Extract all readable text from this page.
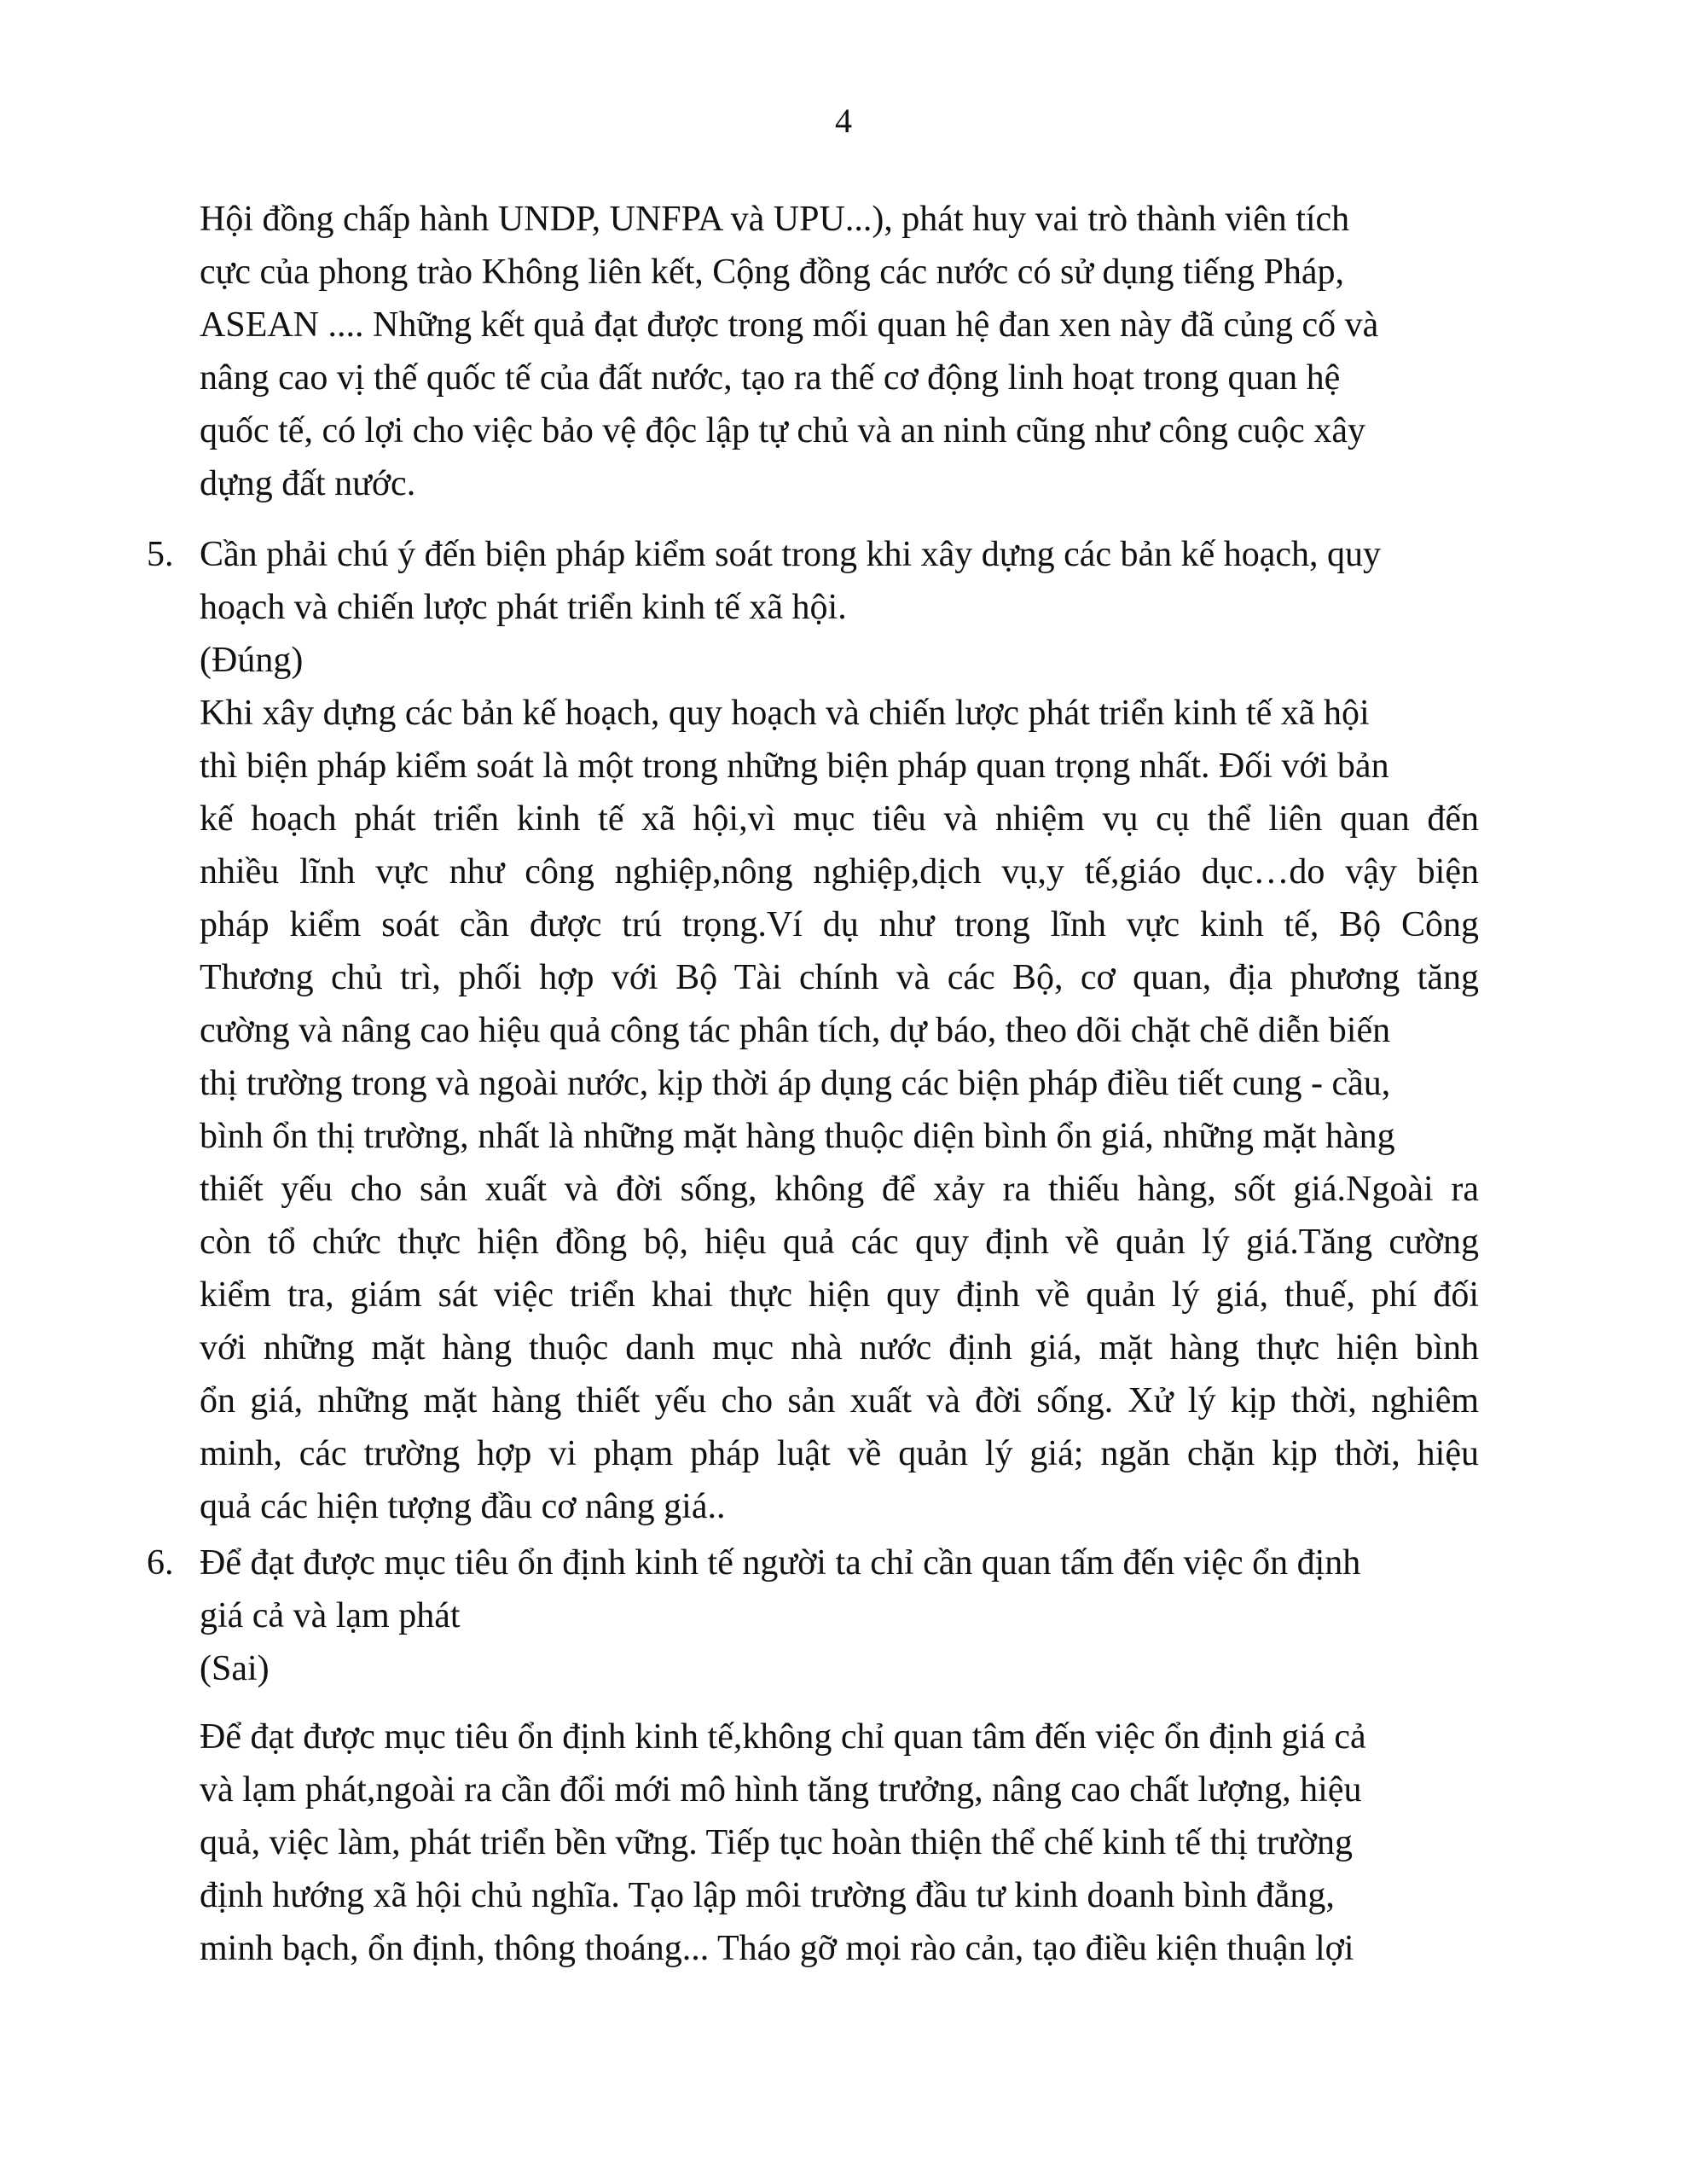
4
Hội đồng chấp hành UNDP, UNFPA và UPU...), phát huy vai trò thành viên tích
cực của phong trào Không liên kết, Cộng đồng các nước có sử dụng tiếng Pháp,
ASEAN .... Những kết quả đạt được trong mối quan hệ đan xen này đã củng cố và
nâng cao vị thế quốc tế của đất nước, tạo ra thế cơ động linh hoạt trong quan hệ
quốc tế, có lợi cho việc bảo vệ độc lập tự chủ và an ninh cũng như công cuộc xây
dựng đất nước.
5. Cần phải chú ý đến biện pháp kiểm soát trong khi xây dựng các bản kế hoạch, quy
hoạch và chiến lược phát triển kinh tế xã hội.
(Đúng)
Khi xây dựng các bản kế hoạch, quy hoạch và chiến lược phát triển kinh tế xã hội
thì biện pháp kiểm soát là một trong những biện pháp quan trọng nhất. Đối với bản
kế hoạch phát triển kinh tế xã hội,vì mục tiêu và nhiệm vụ cụ thể liên quan đến
nhiều lĩnh vực như công nghiệp,nông nghiệp,dịch vụ,y tế,giáo dục…do vậy biện
pháp kiểm soát cần được trú trọng.Ví dụ như trong lĩnh vực kinh tế, Bộ Công
Thương chủ trì, phối hợp với Bộ Tài chính và các Bộ, cơ quan, địa phương tăng
cường và nâng cao hiệu quả công tác phân tích, dự báo, theo dõi chặt chẽ diễn biến
thị trường trong và ngoài nước, kịp thời áp dụng các biện pháp điều tiết cung - cầu,
bình ổn thị trường, nhất là những mặt hàng thuộc diện bình ổn giá, những mặt hàng
thiết yếu cho sản xuất và đời sống, không để xảy ra thiếu hàng, sốt giá.Ngoài ra
còn tổ chức thực hiện đồng bộ, hiệu quả các quy định về quản lý giá.Tăng cường
kiểm tra, giám sát việc triển khai thực hiện quy định về quản lý giá, thuế, phí đối
với những mặt hàng thuộc danh mục nhà nước định giá, mặt hàng thực hiện bình
ổn giá, những mặt hàng thiết yếu cho sản xuất và đời sống. Xử lý kịp thời, nghiêm
minh, các trường hợp vi phạm pháp luật về quản lý giá; ngăn chặn kịp thời, hiệu
quả các hiện tượng đầu cơ nâng giá..
6. Để đạt được mục tiêu ổn định kinh tế người ta chỉ cần quan tấm đến việc ổn định
giá cả và lạm phát
(Sai)
Để đạt được mục tiêu ổn định kinh tế,không chỉ quan tâm đến việc ổn định giá cả
và lạm phát,ngoài ra cần đổi mới mô hình tăng trưởng, nâng cao chất lượng, hiệu
quả, việc làm, phát triển bền vững. Tiếp tục hoàn thiện thể chế kinh tế thị trường
định hướng xã hội chủ nghĩa. Tạo lập môi trường đầu tư kinh doanh bình đẳng,
minh bạch, ổn định, thông thoáng... Tháo gỡ mọi rào cản, tạo điều kiện thuận lợi
